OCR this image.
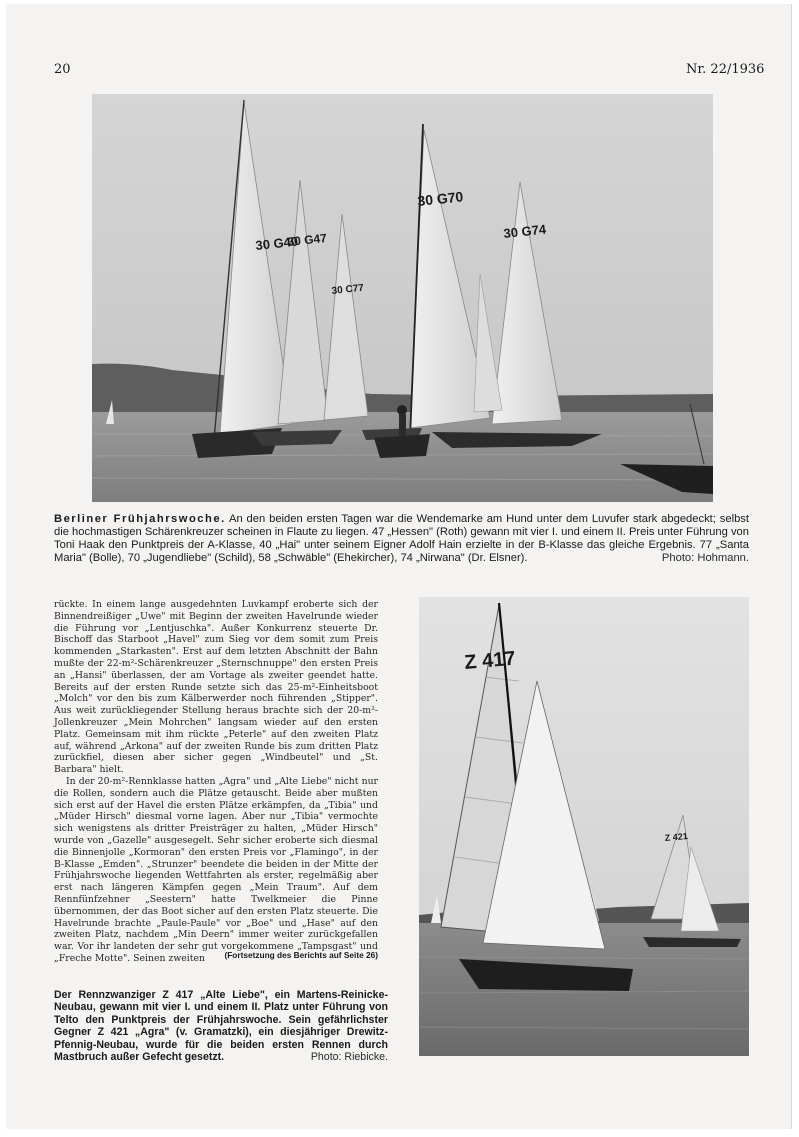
20	Nr. 22/1936
30 G40
30 G47
30 C77
30 G70
30 G74
Berliner Frühjahrswoche. An den beiden ersten Tagen war die Wendemarke am Hund unter dem Luvufer stark abgedeckt; selbst die hochmastigen Schärenkreuzer scheinen in Flaute zu liegen. 47 „Hessen" (Roth) gewann mit vier I. und einem II. Preis unter Führung von Toni Haak den Punktpreis der A-Klasse, 40 „Hai" unter seinem Eigner Adolf Hain erzielte in der B-Klasse das gleiche Ergebnis. 77 „Santa Maria" (Bolle), 70 „Jugendliebe" (Schild), 58 „Schwäble" (Ehekircher), 74 „Nirwana" (Dr. Elsner).	Photo: Hohmann.

rückte. In einem lange ausgedehnten Luvkampf eroberte sich der Binnendreißiger „Uwe" mit Beginn der zweiten Havelrunde wieder die Führung vor „Lentjuschka". Außer Konkurrenz steuerte Dr. Bischoff das Starboot „Havel" zum Sieg vor dem somit zum Preis kommenden „Starkasten". Erst auf dem letzten Abschnitt der Bahn mußte der 22-m²-Schärenkreuzer „Sternschnuppe" den ersten Preis an „Hansi" überlassen, der am Vortage als zweiter geendet hatte. Bereits auf der ersten Runde setzte sich das 25-m²-Einheitsboot „Molch" vor den bis zum Kälberwerder noch führenden „Stipper". Aus weit zurückliegender Stellung heraus brachte sich der 20-m²-Jollenkreuzer „Mein Mohrchen" langsam wieder auf den ersten Platz. Gemeinsam mit ihm rückte „Peterle" auf den zweiten Platz auf, während „Arkona" auf der zweiten Runde bis zum dritten Platz zurückfiel, diesen aber sicher gegen „Windbeutel" und „St. Barbara" hielt.

In der 20-m²-Rennklasse hatten „Agra" und „Alte Liebe" nicht nur die Rollen, sondern auch die Plätze getauscht. Beide aber mußten sich erst auf der Havel die ersten Plätze erkämpfen, da „Tibia" und „Müder Hirsch" diesmal vorne lagen. Aber nur „Tibia" vermochte sich wenigstens als dritter Preisträger zu halten, „Müder Hirsch" wurde von „Gazelle" ausgesegelt. Sehr sicher eroberte sich diesmal die Binnenjolle „Kormoran" den ersten Preis vor „Flamingo", in der B-Klasse „Emden". „Strunzer" beendete die beiden in der Mitte der Frühjahrswoche liegenden Wettfahrten als erster, regelmäßig aber erst nach längeren Kämpfen gegen „Mein Traum". Auf dem Rennfünfzehner „Seestern" hatte Twelkmeier die Pinne übernommen, der das Boot sicher auf den ersten Platz steuerte. Die Havelrunde brachte „Paule-Paule" vor „Boe" und „Hase" auf den zweiten Platz, nachdem „Min Deern" immer weiter zurückgefallen war. Vor ihr landeten der sehr gut vorgekommene „Tampsgast" und „Freche Motte". Seinen zweiten	(Fortsetzung des Berichts auf Seite 26)
Z 417
Z 421
Der Rennzwanziger Z 417 „Alte Liebe", ein Martens-Reinicke-Neubau, gewann mit vier I. und einem II. Platz unter Führung von Telto den Punktpreis der Frühjahrswoche. Sein gefährlichster Gegner Z 421 „Agra" (v. Gramatzki), ein diesjähriger Drewitz-Pfennig-Neubau, wurde für die beiden ersten Rennen durch Mastbruch außer Gefecht gesetzt.	Photo: Riebicke.
